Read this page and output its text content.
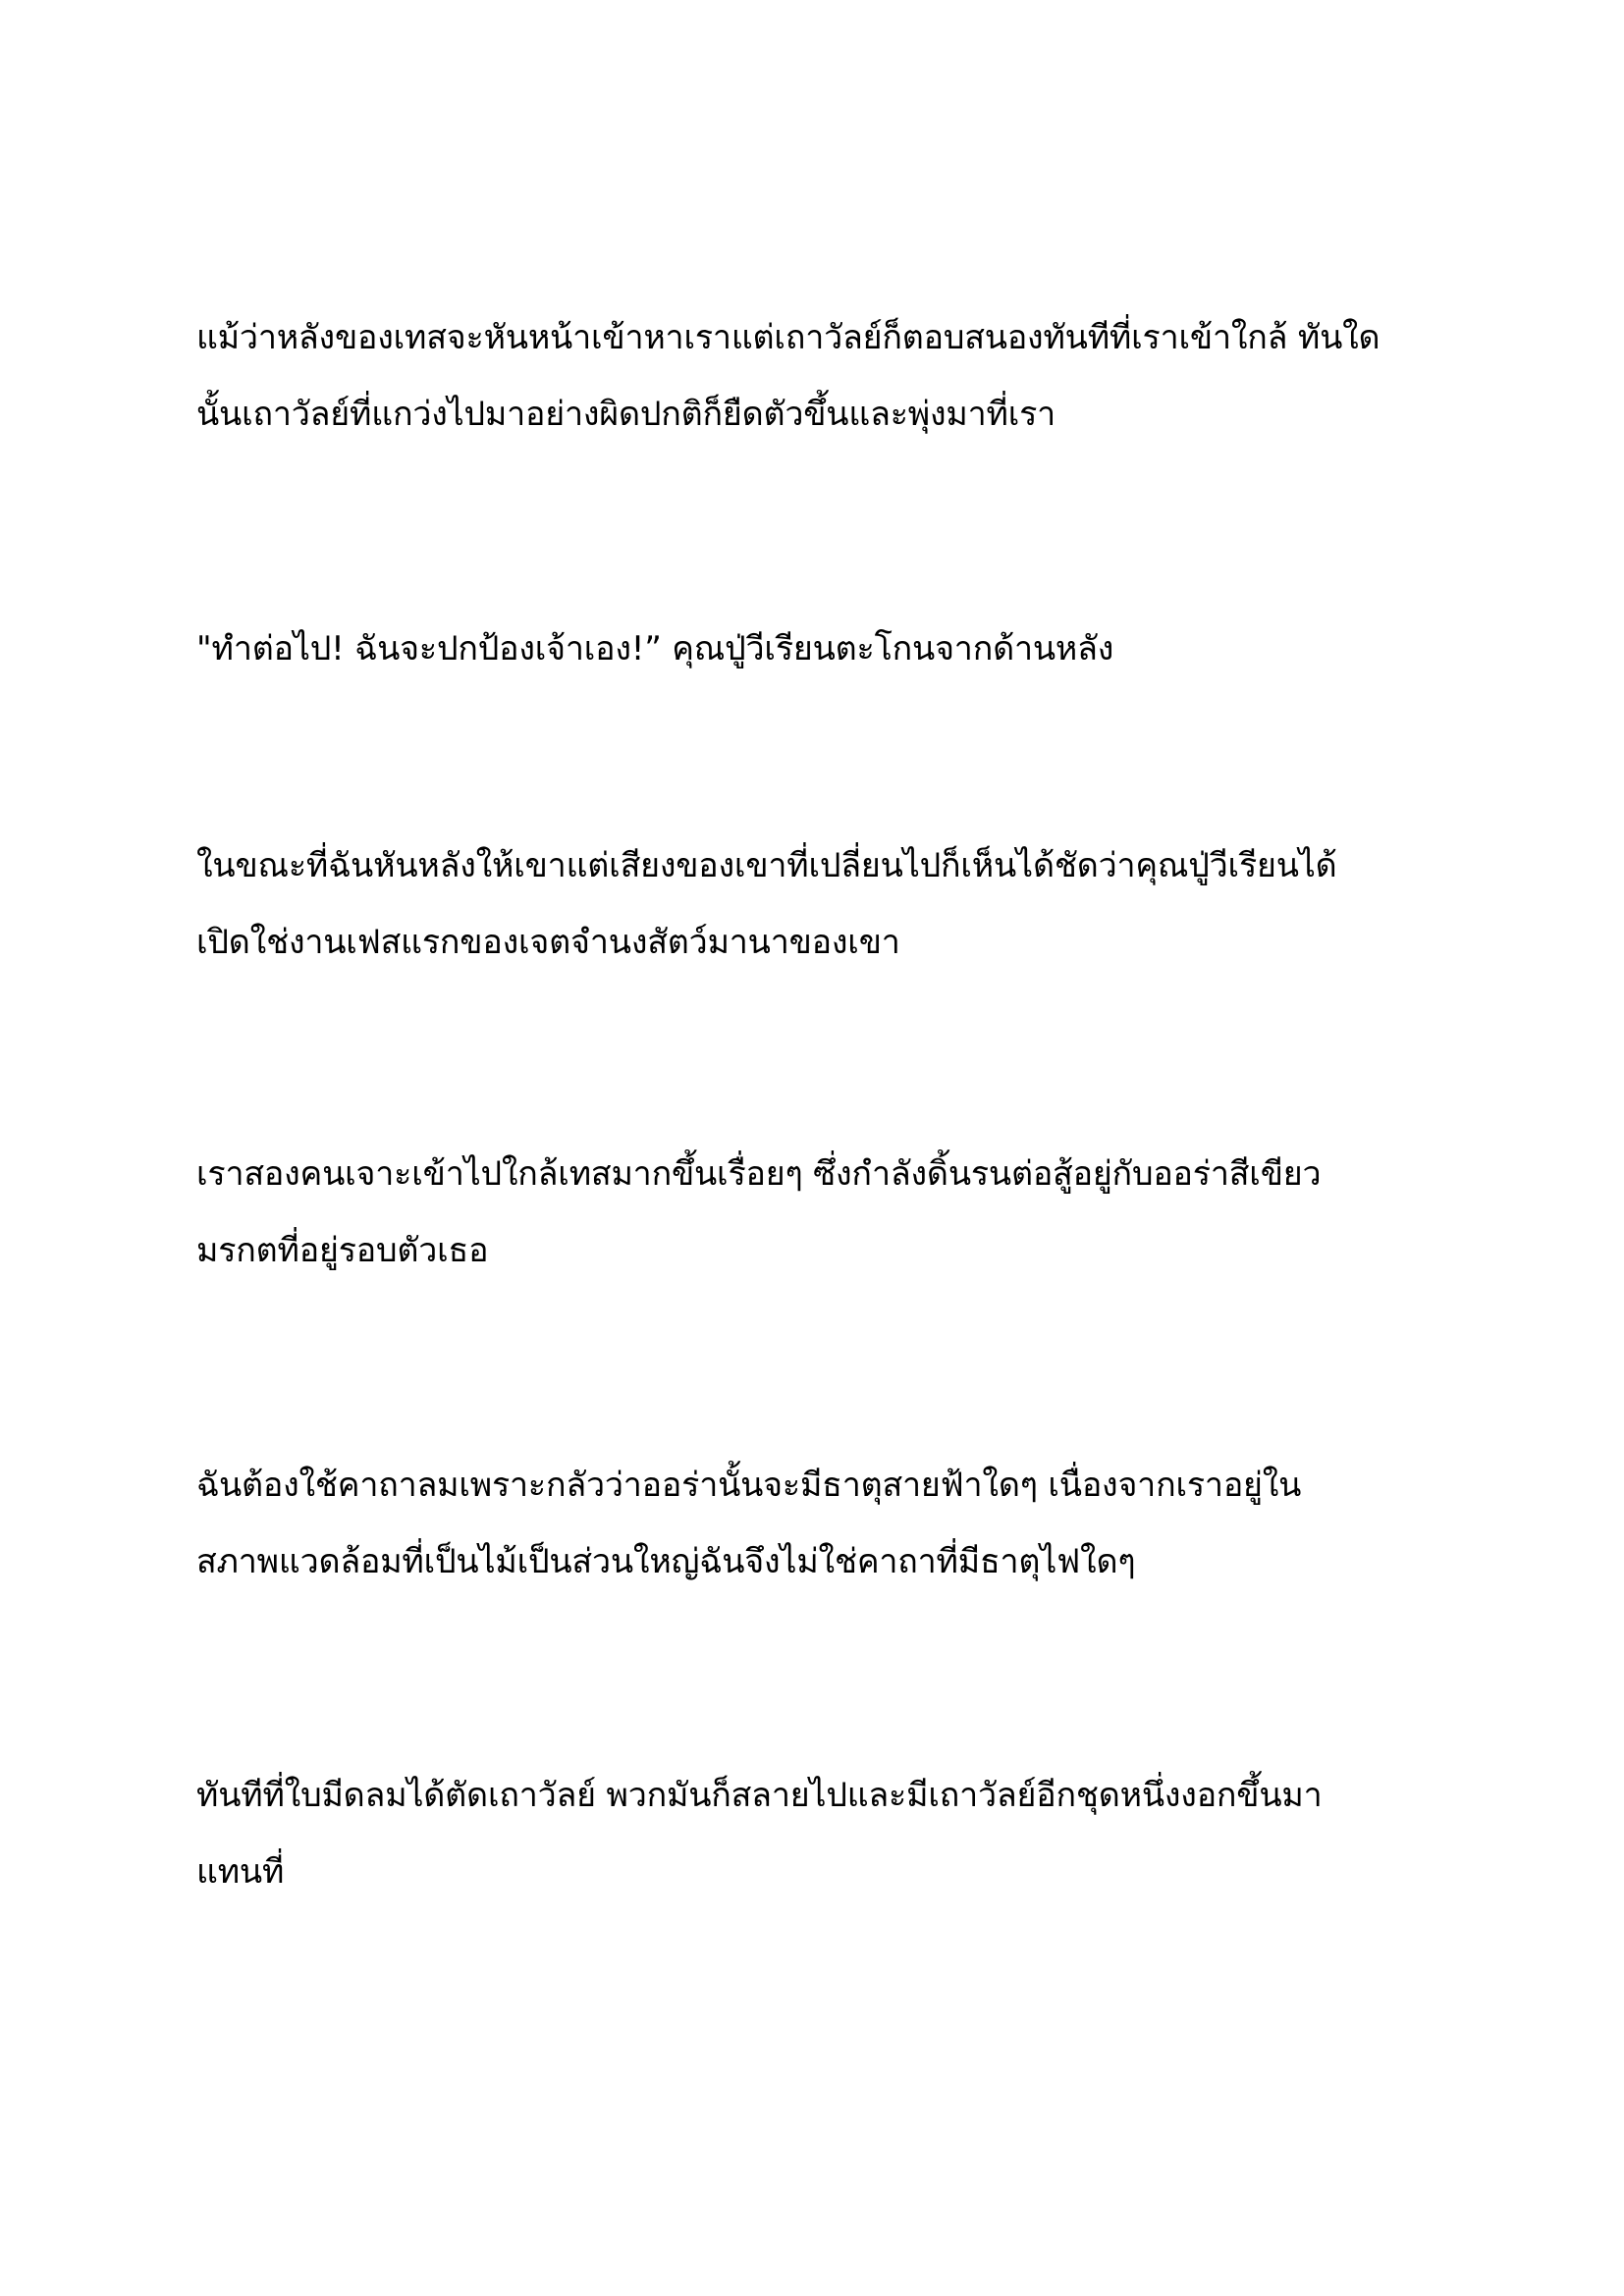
แม้ว่าหลังของเทสจะหันหน้าเข้าหาเราแต่เถาวัลย์ก็ตอบสนองทันทีที่เราเข้าใกล้ ทันใด
นั้นเถาวัลย์ที่แกว่งไปมาอย่างผิดปกติก็ยืดตัวขึ้นและพุ่งมาที่เรา
"ทำต่อไป! ฉันจะปกป้องเจ้าเอง!” คุณปู่วีเรียนตะโกนจากด้านหลัง
ในขณะที่ฉันหันหลังให้เขาแต่เสียงของเขาที่เปลี่ยนไปก็เห็นได้ชัดว่าคุณปู่วีเรียนได้
เปิดใช่งานเฟสแรกของเจตจำนงสัตว์มานาของเขา
เราสองคนเจาะเข้าไปใกล้เทสมากขึ้นเรื่อยๆ ซึ่งกำลังดิ้นรนต่อสู้อยู่กับออร่าสีเขียว
มรกตที่อยู่รอบตัวเธอ
ฉันต้องใช้คาถาลมเพราะกลัวว่าออร่านั้นจะมีธาตุสายฟ้าใดๆ เนื่องจากเราอยู่ใน
สภาพแวดล้อมที่เป็นไม้เป็นส่วนใหญ่ฉันจึงไม่ใช่คาถาที่มีธาตุไฟใดๆ
ทันทีที่ใบมีดลมได้ตัดเถาวัลย์ พวกมันก็สลายไปและมีเถาวัลย์อีกชุดหนึ่งงอกขึ้นมา
แทนที่
